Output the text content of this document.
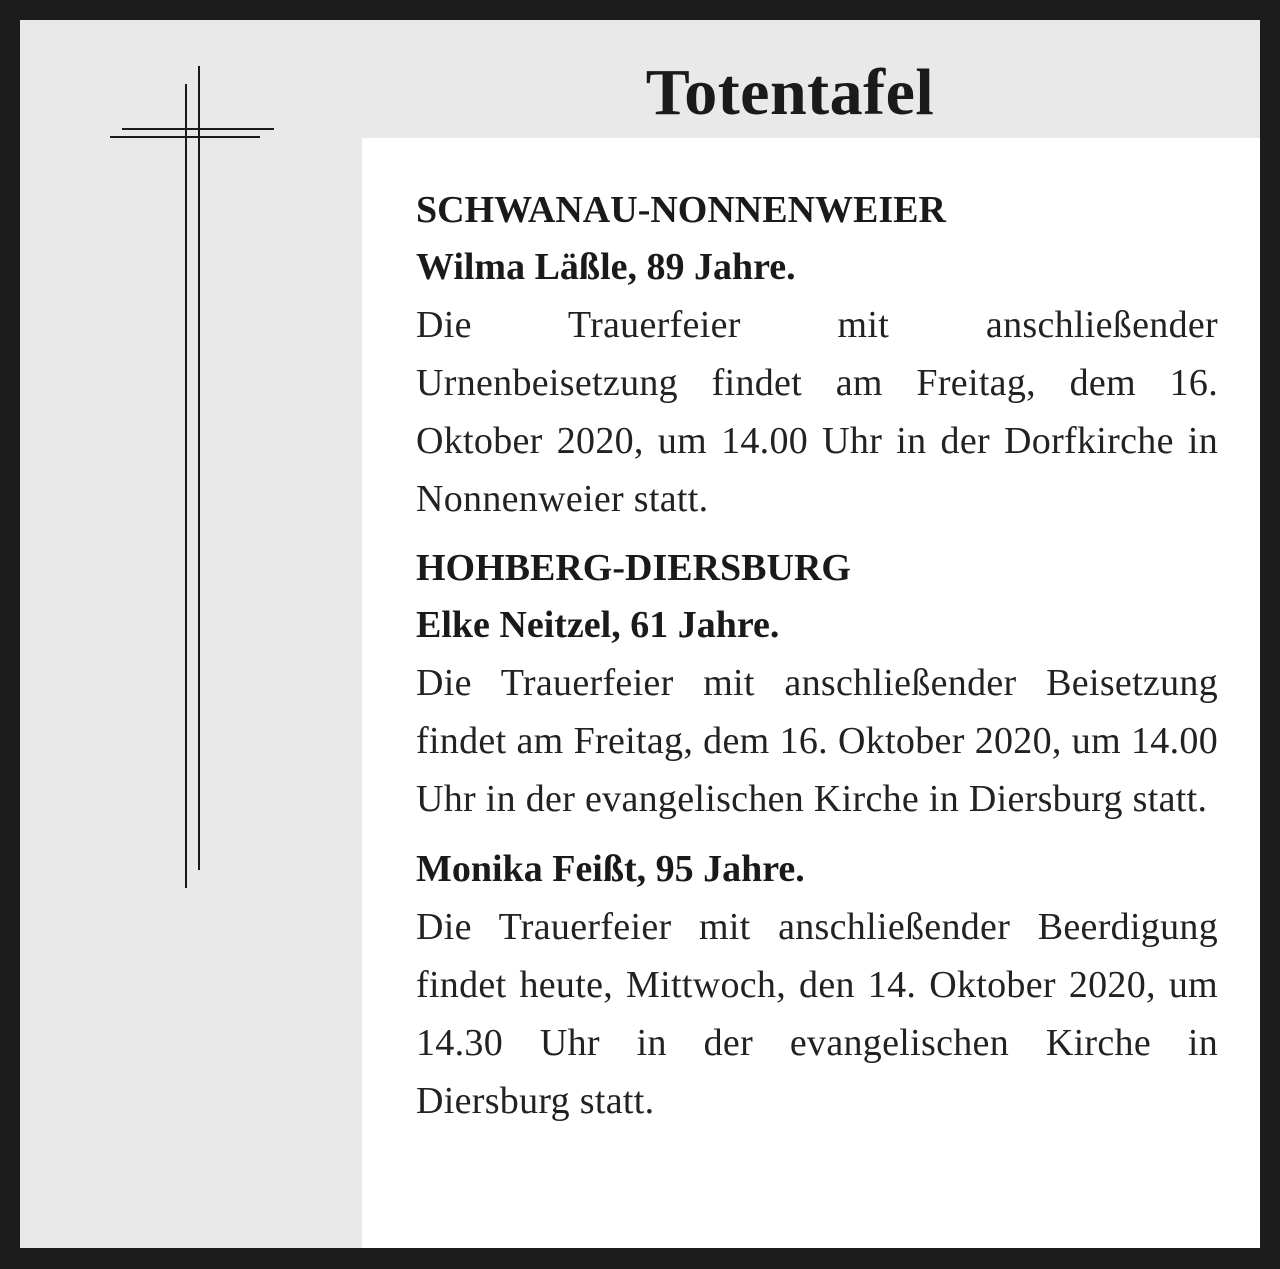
Totentafel

SCHWANAU-NONNENWEIER

Wilma Läßle, 89 Jahre.

Die Trauerfeier mit anschließender Urnenbeisetzung findet am Freitag, dem 16. Oktober 2020, um 14.00 Uhr in der Dorfkirche in Nonnenweier statt.

HOHBERG-DIERSBURG

Elke Neitzel, 61 Jahre.

Die Trauerfeier mit anschließender Beisetzung findet am Freitag, dem 16. Oktober 2020, um 14.00 Uhr in der evangelischen Kirche in Diersburg statt.

Monika Feißt, 95 Jahre.

Die Trauerfeier mit anschließender Beerdigung findet heute, Mittwoch, den 14. Oktober 2020, um 14.30 Uhr in der evangelischen Kirche in Diersburg statt.
